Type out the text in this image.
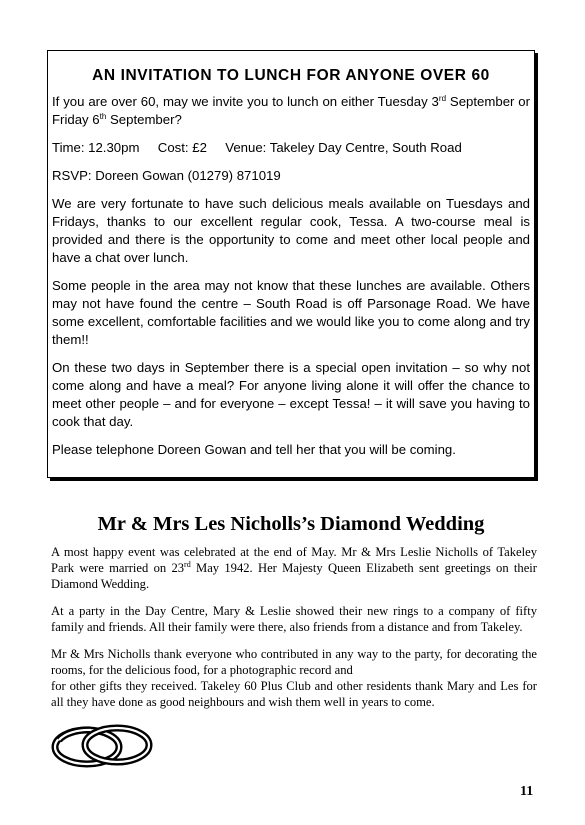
AN INVITATION TO LUNCH FOR ANYONE OVER 60

If you are over 60, may we invite you to lunch on either Tuesday 3rd September or Friday 6th September?

Time: 12.30pm Cost: £2 Venue: Takeley Day Centre, South Road

RSVP: Doreen Gowan (01279) 871019

We are very fortunate to have such delicious meals available on Tuesdays and Fridays, thanks to our excellent regular cook, Tessa. A two-course meal is provided and there is the opportunity to come and meet other local people and have a chat over lunch.

Some people in the area may not know that these lunches are available. Others may not have found the centre – South Road is off Parsonage Road. We have some excellent, comfortable facilities and we would like you to come along and try them!!

On these two days in September there is a special open invitation – so why not come along and have a meal? For anyone living alone it will offer the chance to meet other people – and for everyone – except Tessa! – it will save you having to cook that day.

Please telephone Doreen Gowan and tell her that you will be coming.

Mr & Mrs Les Nicholls’s Diamond Wedding

A most happy event was celebrated at the end of May. Mr & Mrs Leslie Nicholls of Takeley Park were married on 23rd May 1942. Her Majesty Queen Elizabeth sent greetings on their Diamond Wedding.

At a party in the Day Centre, Mary & Leslie showed their new rings to a company of fifty family and friends. All their family were there, also friends from a distance and from Takeley.

Mr & Mrs Nicholls thank everyone who contributed in any way to the party, for decorating the rooms, for the delicious food, for a photographic record and

for other gifts they received. Takeley 60 Plus Club and other residents thank Mary and Les for all they have done as good neighbours and wish them well in years to come.

11
